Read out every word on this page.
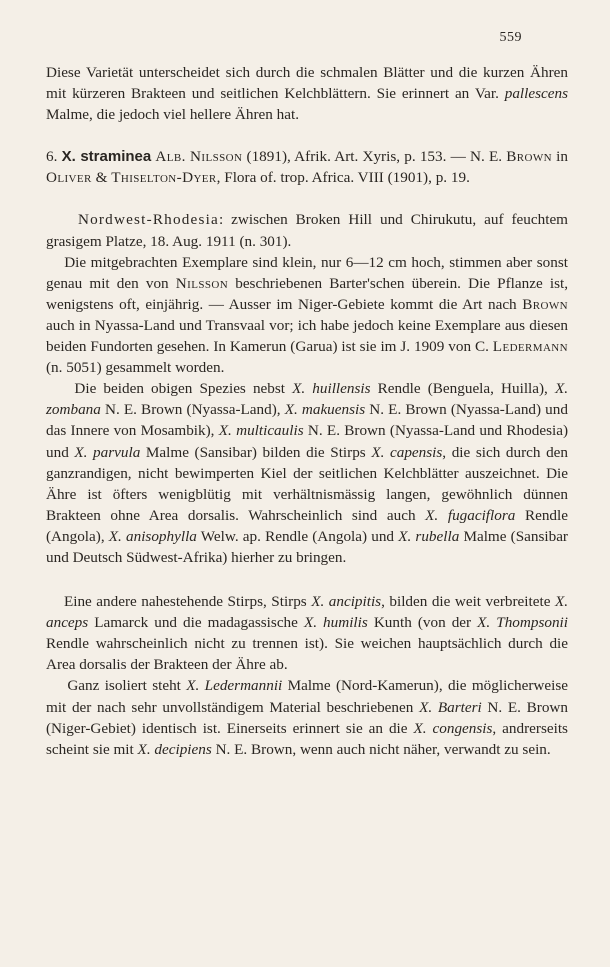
559

Diese Varietät unterscheidet sich durch die schmalen Blätter und die kurzen Ähren mit kürzeren Brakteen und seitlichen Kelchblättern. Sie erinnert an Var. pallescens Malme, die jedoch viel hellere Ähren hat.

6. X. straminea Alb. Nilsson (1891), Afrik. Art. Xyris, p. 153. — N. E. Brown in Oliver & Thiselton-Dyer, Flora of. trop. Africa. VIII (1901), p. 19.

Nordwest-Rhodesia: zwischen Broken Hill und Chirukutu, auf feuchtem grasigem Platze, 18. Aug. 1911 (n. 301).

Die mitgebrachten Exemplare sind klein, nur 6—12 cm hoch, stimmen aber sonst genau mit den von Nilsson beschriebenen Barter'schen überein. Die Pflanze ist, wenigstens oft, einjährig. — Ausser im Niger-Gebiete kommt die Art nach Brown auch in Nyassa-Land und Transvaal vor; ich habe jedoch keine Exemplare aus diesen beiden Fundorten gesehen. In Kamerun (Garua) ist sie im J. 1909 von C. Ledermann (n. 5051) gesammelt worden.

Die beiden obigen Spezies nebst X. huillensis Rendle (Benguela, Huilla), X. zombana N. E. Brown (Nyassa-Land), X. makuensis N. E. Brown (Nyassa-Land) und das Innere von Mosambik), X. multicaulis N. E. Brown (Nyassa-Land und Rhodesia) und X. parvula Malme (Sansibar) bilden die Stirps X. capensis, die sich durch den ganzrandigen, nicht bewimperten Kiel der seitlichen Kelchblätter auszeichnet. Die Ähre ist öfters wenigblütig mit verhältnismässig langen, gewöhnlich dünnen Brakteen ohne Area dorsalis. Wahrscheinlich sind auch X. fugaciflora Rendle (Angola), X. anisophylla Welw. ap. Rendle (Angola) und X. rubella Malme (Sansibar und Deutsch Südwest-Afrika) hierher zu bringen.

Eine andere nahestehende Stirps, Stirps X. ancipitis, bilden die weit verbreitete X. anceps Lamarck und die madagassische X. humilis Kunth (von der X. Thompsonii Rendle wahrscheinlich nicht zu trennen ist). Sie weichen hauptsächlich durch die Area dorsalis der Brakteen der Ähre ab.

Ganz isoliert steht X. Ledermannii Malme (Nord-Kamerun), die möglicherweise mit der nach sehr unvollständigem Material beschriebenen X. Barteri N. E. Brown (Niger-Gebiet) identisch ist. Einerseits erinnert sie an die X. congensis, andrerseits scheint sie mit X. decipiens N. E. Brown, wenn auch nicht näher, verwandt zu sein.
